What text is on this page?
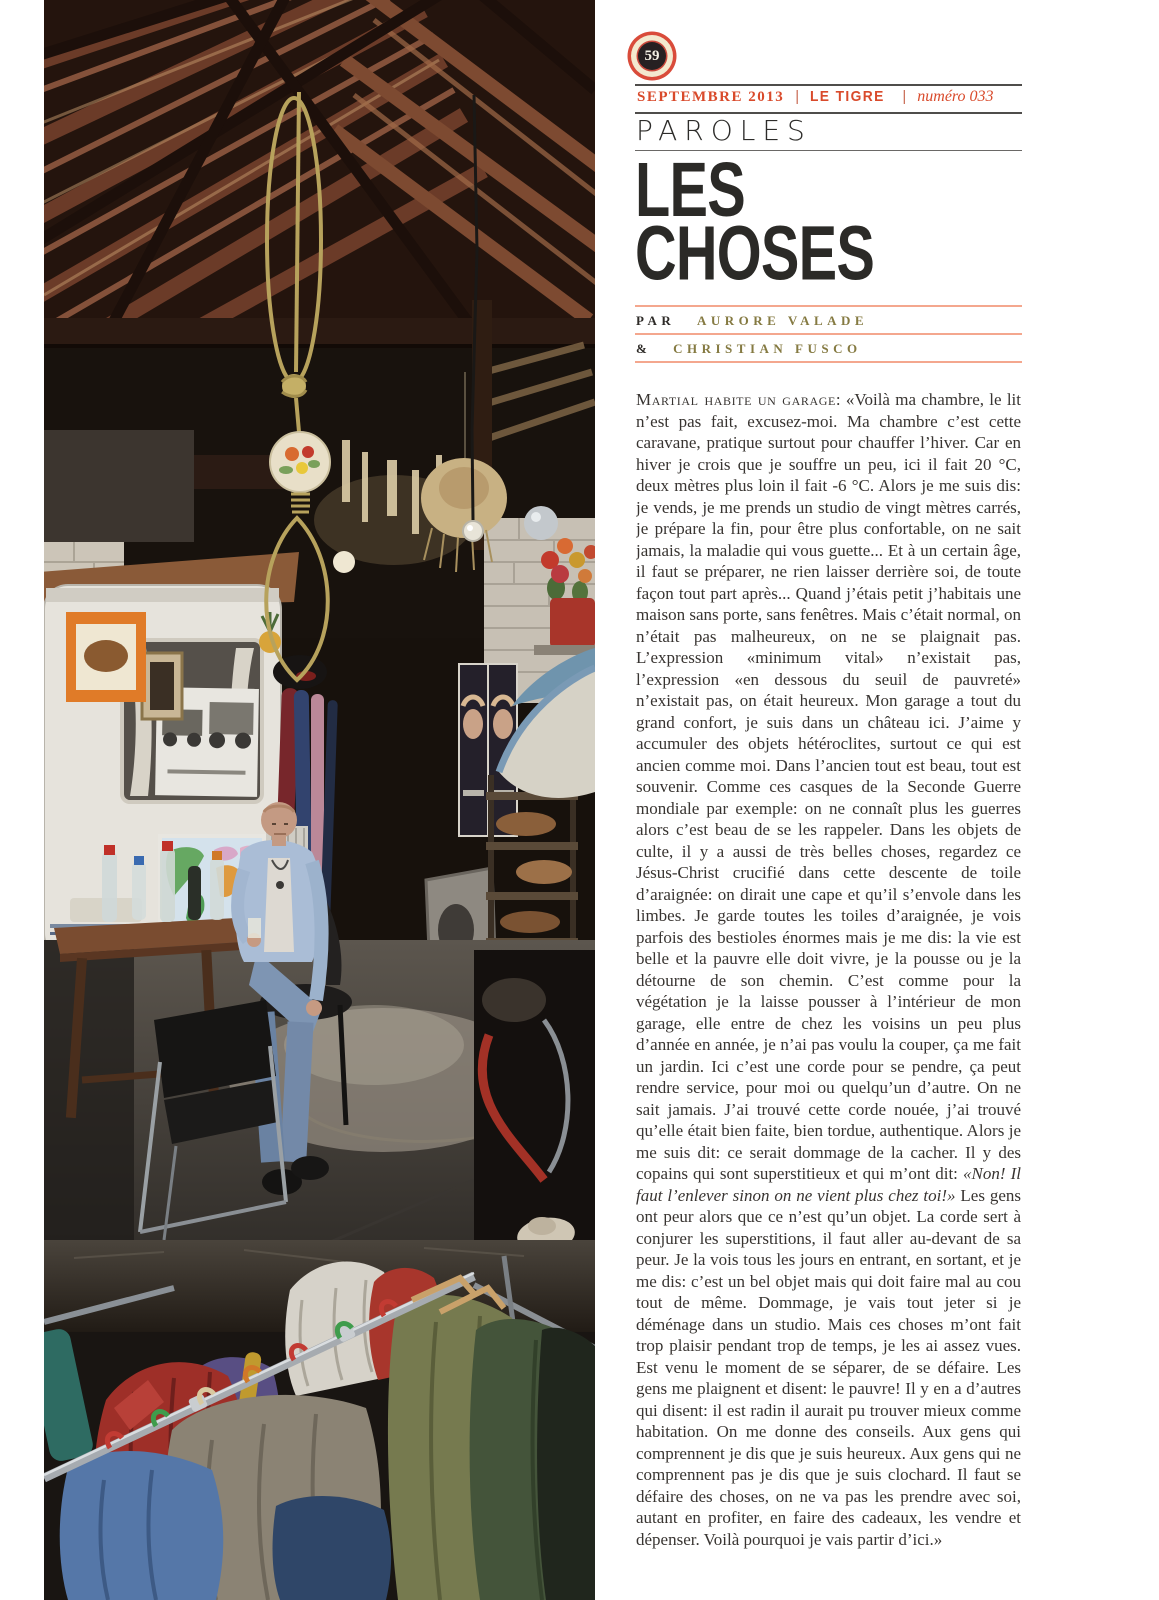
59
SEPTEMBRE 2013 | LE TIGRE | numéro 033
PAROLES
LES
CHOSES
PAR AURORE VALADE
& CHRISTIAN FUSCO

Martial habite un garage: «Voilà ma chambre, le lit n’est pas fait, excusez-moi. Ma chambre c’est cette caravane, pratique surtout pour chauffer l’hiver. Car en hiver je crois que je souffre un peu, ici il fait 20 °C, deux mètres plus loin il fait -6 °C. Alors je me suis dis: je vends, je me prends un studio de vingt mètres carrés, je prépare la fin, pour être plus confortable, on ne sait jamais, la maladie qui vous guette... Et à un certain âge, il faut se préparer, ne rien laisser derrière soi, de toute façon tout part après... Quand j’étais petit j’habitais une maison sans porte, sans fenêtres. Mais c’était normal, on n’était pas malheureux, on ne se plaignait pas. L’expression «minimum vital» n’existait pas, l’expression «en dessous du seuil de pauvreté» n’existait pas, on était heureux. Mon garage a tout du grand confort, je suis dans un château ici. J’aime y accumuler des objets hétéroclites, surtout ce qui est ancien comme moi. Dans l’ancien tout est beau, tout est souvenir. Comme ces casques de la Seconde Guerre mondiale par exemple: on ne connaît plus les guerres alors c’est beau de se les rappeler. Dans les objets de culte, il y a aussi de très belles choses, regardez ce Jésus-Christ crucifié dans cette descente de toile d’araignée: on dirait une cape et qu’il s’envole dans les limbes. Je garde toutes les toiles d’araignée, je vois parfois des bestioles énormes mais je me dis: la vie est belle et la pauvre elle doit vivre, je la pousse ou je la détourne de son chemin. C’est comme pour la végétation je la laisse pousser à l’intérieur de mon garage, elle entre de chez les voisins un peu plus d’année en année, je n’ai pas voulu la couper, ça me fait un jardin. Ici c’est une corde pour se pendre, ça peut rendre service, pour moi ou quelqu’un d’autre. On ne sait jamais. J’ai trouvé cette corde nouée, j’ai trouvé qu’elle était bien faite, bien tordue, authentique. Alors je me suis dit: ce serait dommage de la cacher. Il y des copains qui sont superstitieux et qui m’ont dit: «Non! Il faut l’enlever sinon on ne vient plus chez toi!» Les gens ont peur alors que ce n’est qu’un objet. La corde sert à conjurer les superstitions, il faut aller au-devant de sa peur. Je la vois tous les jours en entrant, en sortant, et je me dis: c’est un bel objet mais qui doit faire mal au cou tout de même. Dommage, je vais tout jeter si je déménage dans un studio. Mais ces choses m’ont fait trop plaisir pendant trop de temps, je les ai assez vues. Est venu le moment de se séparer, de se défaire. Les gens me plaignent et disent: le pauvre! Il y en a d’autres qui disent: il est radin il aurait pu trouver mieux comme habitation. On me donne des conseils. Aux gens qui comprennent je dis que je suis heureux. Aux gens qui ne comprennent pas je dis que je suis clochard. Il faut se défaire des choses, on ne va pas les prendre avec soi, autant en profiter, en faire des cadeaux, les vendre et dépenser. Voilà pourquoi je vais partir d’ici.»
